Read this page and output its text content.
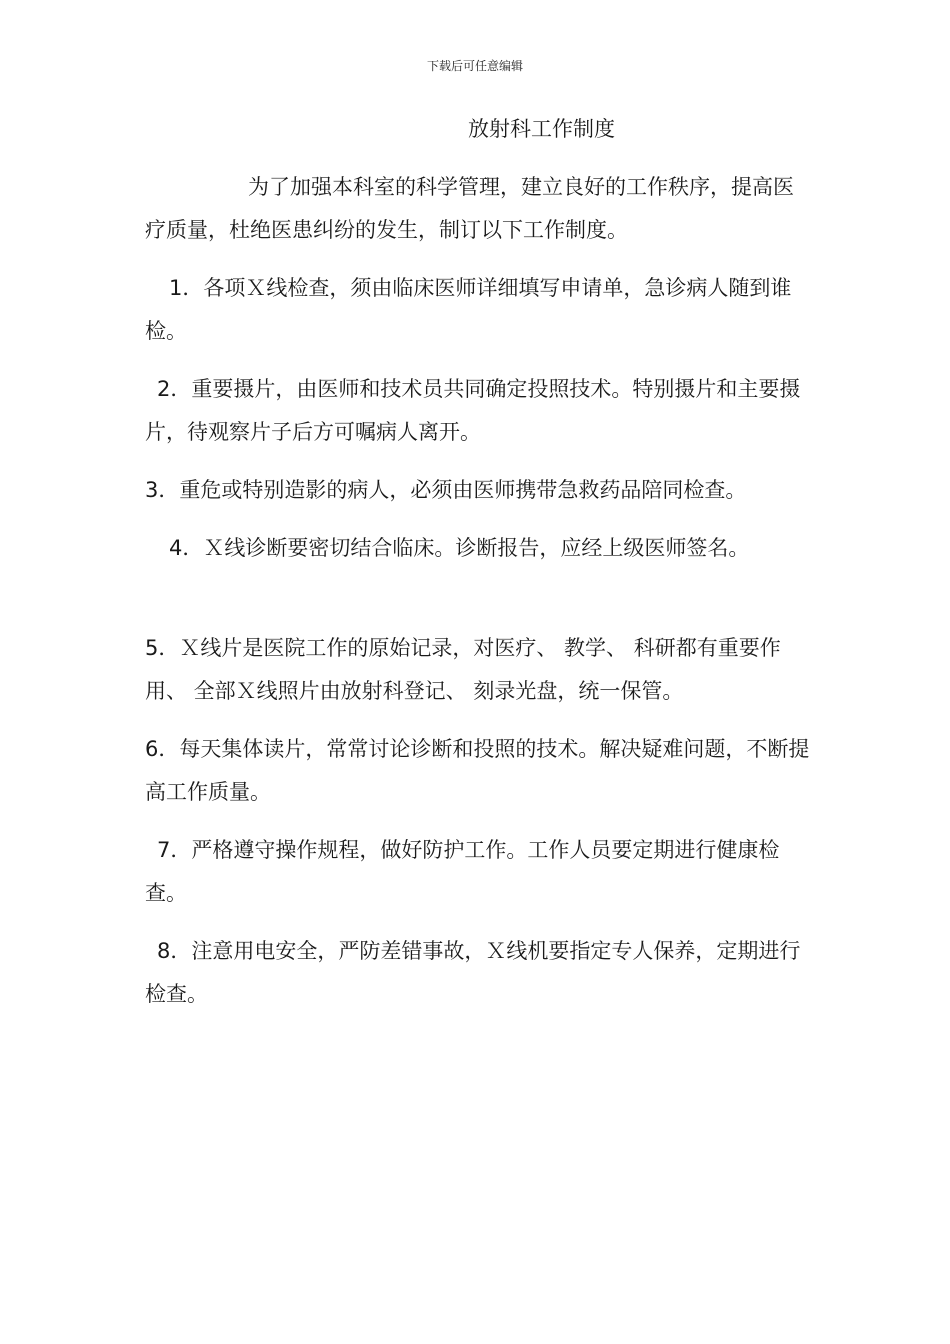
下载后可任意编辑
放射科工作制度
为了加强本科室的科学管理，建立良好的工作秩序，提高医疗质量，杜绝医患纠纷的发生，制订以下工作制度。
1．各项Ｘ线检查，须由临床医师详细填写申请单，急诊病人随到谁检。
2．重要摄片，由医师和技术员共同确定投照技术。特别摄片和主要摄片，待观察片子后方可嘱病人离开。
3．重危或特别造影的病人，必须由医师携带急救药品陪同检查。
4．Ｘ线诊断要密切结合临床。诊断报告，应经上级医师签名。
5．Ｘ线片是医院工作的原始记录，对医疗、 教学、 科研都有重要作用、 全部Ｘ线照片由放射科登记、 刻录光盘，统一保管。
6．每天集体读片，常常讨论诊断和投照的技术。解决疑难问题，不断提高工作质量。
7．严格遵守操作规程，做好防护工作。工作人员要定期进行健康检查。
8．注意用电安全，严防差错事故，Ｘ线机要指定专人保养，定期进行检查。
